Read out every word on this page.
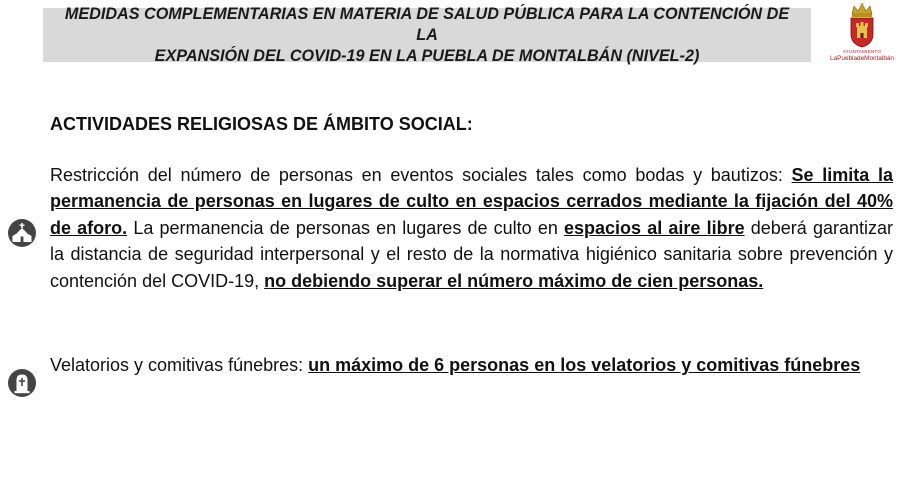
MEDIDAS COMPLEMENTARIAS EN MATERIA DE SALUD PÚBLICA PARA LA CONTENCIÓN DE LA
EXPANSIÓN DEL COVID-19 EN LA PUEBLA DE MONTALBÁN (NIVEL-2)	AYUNTAMIENTO
LaPuebladeMontalbán
ACTIVIDADES RELIGIOSAS DE ÁMBITO SOCIAL:
Restricción del número de personas en eventos sociales tales como bodas y bautizos: Se limita la permanencia de personas en lugares de culto en espacios cerrados mediante la fijación del 40% de aforo. La permanencia de personas en lugares de culto en espacios al aire libre deberá garantizar la distancia de seguridad interpersonal y el resto de la normativa higiénico sanitaria sobre prevención y contención del COVID-19, no debiendo superar el número máximo de cien personas.
Velatorios y comitivas fúnebres: un máximo de 6 personas en los velatorios y comitivas fúnebres
